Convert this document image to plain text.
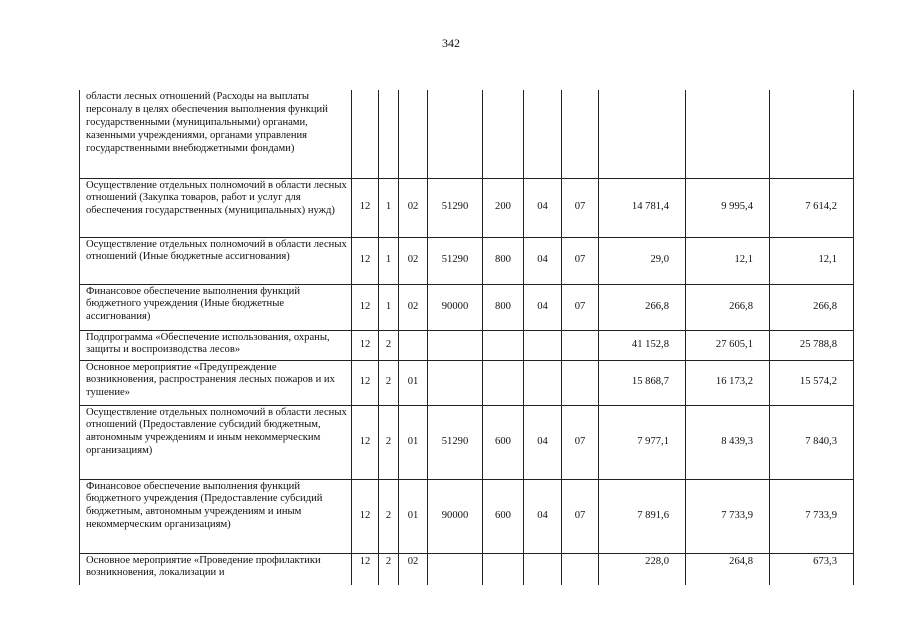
342
области лесных отношений (Расходы на выплаты персоналу в целях обеспечения выполнения функций государственными (муниципальными) органами, казенными учреждениями, органами управления государственными внебюджетными фондами)										
Осуществление отдельных полномочий в области лесных отношений (Закупка товаров, работ и услуг для обеспечения государственных (муниципальных) нужд)	12	1	02	51290	200	04	07	14 781,4	9 995,4	7 614,2
Осуществление отдельных полномочий в области лесных отношений (Иные бюджетные ассигнования)	12	1	02	51290	800	04	07	29,0	12,1	12,1
Финансовое обеспечение выполнения функций бюджетного учреждения (Иные бюджетные ассигнования)	12	1	02	90000	800	04	07	266,8	266,8	266,8
Подпрограмма «Обеспечение использования, охраны, защиты и воспроизводства лесов»	12	2						41 152,8	27 605,1	25 788,8
Основное мероприятие «Предупреждение возникновения, распространения лесных пожаров и их тушение»	12	2	01					15 868,7	16 173,2	15 574,2
Осуществление отдельных полномочий в области лесных отношений (Предоставление субсидий бюджетным, автономным учреждениям и иным некоммерческим организациям)	12	2	01	51290	600	04	07	7 977,1	8 439,3	7 840,3
Финансовое обеспечение выполнения функций бюджетного учреждения (Предоставление субсидий бюджетным, автономным учреждениям и иным некоммерческим организациям)	12	2	01	90000	600	04	07	7 891,6	7 733,9	7 733,9
Основное мероприятие «Проведение профилактики возникновения, локализации и	12	2	02					228,0	264,8	673,3
